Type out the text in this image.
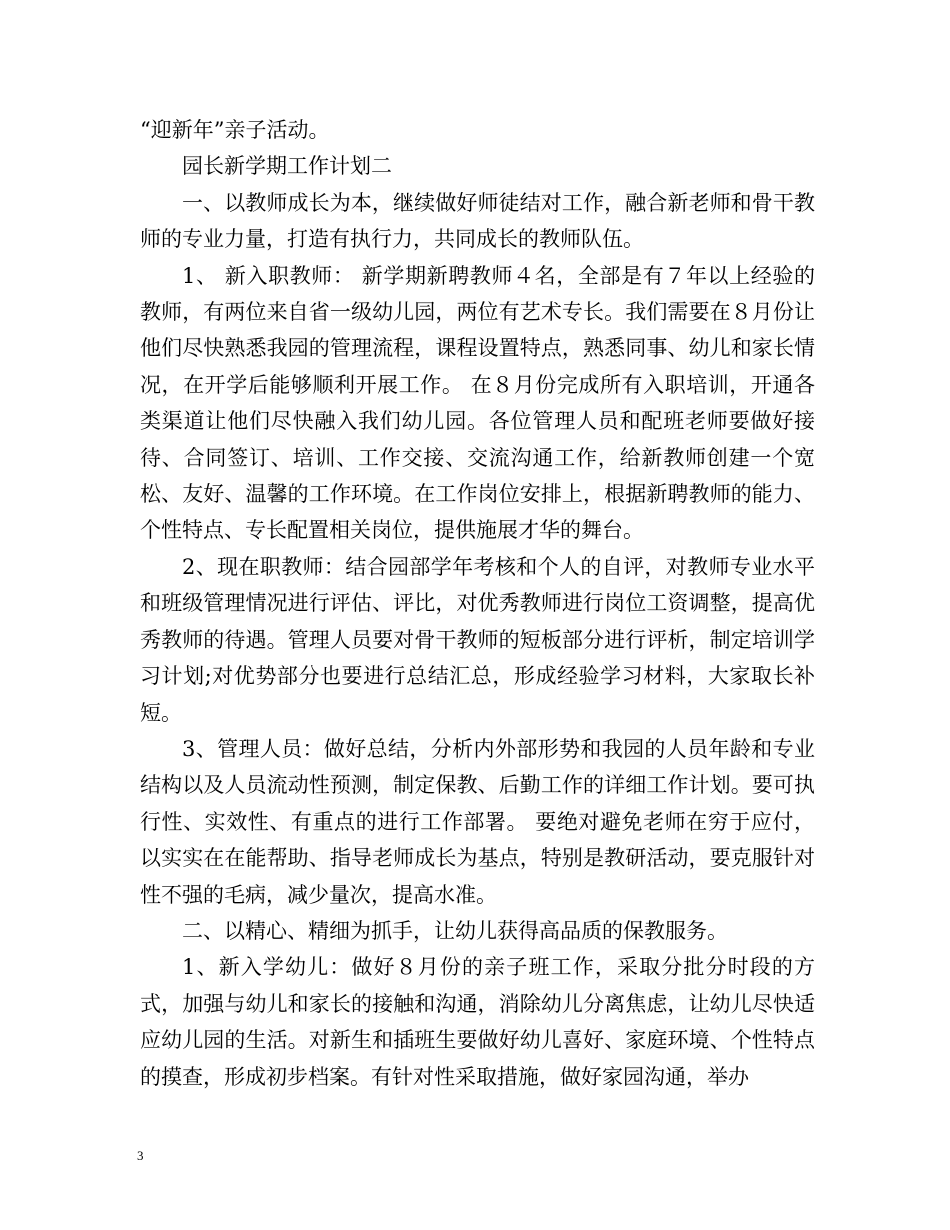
“迎新年”亲子活动。

园长新学期工作计划二

一、以教师成长为本，继续做好师徒结对工作，融合新老师和骨干教师的专业力量，打造有执行力，共同成长的教师队伍。

1、 新入职教师： 新学期新聘教师４名，全部是有７年以上经验的教师，有两位来自省一级幼儿园，两位有艺术专长。我们需要在８月份让他们尽快熟悉我园的管理流程，课程设置特点，熟悉同事、幼儿和家长情况，在开学后能够顺利开展工作。 在８月份完成所有入职培训，开通各类渠道让他们尽快融入我们幼儿园。各位管理人员和配班老师要做好接待、合同签订、培训、工作交接、交流沟通工作，给新教师创建一个宽松、友好、温馨的工作环境。在工作岗位安排上，根据新聘教师的能力、个性特点、专长配置相关岗位，提供施展才华的舞台。

2、现在职教师：结合园部学年考核和个人的自评，对教师专业水平和班级管理情况进行评估、评比，对优秀教师进行岗位工资调整，提高优秀教师的待遇。管理人员要对骨干教师的短板部分进行评析，制定培训学习计划;对优势部分也要进行总结汇总，形成经验学习材料，大家取长补短。

3、管理人员：做好总结，分析内外部形势和我园的人员年龄和专业结构以及人员流动性预测，制定保教、后勤工作的详细工作计划。要可执行性、实效性、有重点的进行工作部署。 要绝对避免老师在穷于应付，以实实在在能帮助、指导老师成长为基点，特别是教研活动，要克服针对性不强的毛病，减少量次，提高水准。

二、以精心、精细为抓手，让幼儿获得高品质的保教服务。

1、新入学幼儿：做好８月份的亲子班工作，采取分批分时段的方式，加强与幼儿和家长的接触和沟通，消除幼儿分离焦虑，让幼儿尽快适应幼儿园的生活。对新生和插班生要做好幼儿喜好、家庭环境、个性特点的摸查，形成初步档案。有针对性采取措施，做好家园沟通，举办

3
